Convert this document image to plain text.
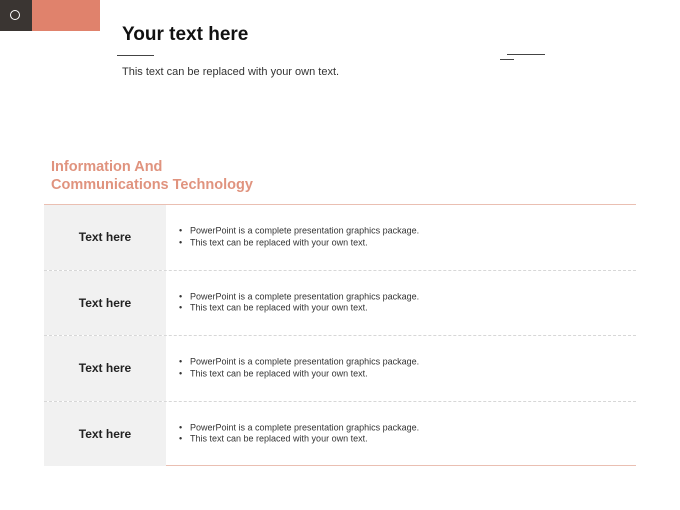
Your text here
This text can be replaced with your own text.
Information And
Communications Technology
Text here	• PowerPoint is a complete presentation graphics package.
• This text can be replaced with your own text.
Text here	• PowerPoint is a complete presentation graphics package.
• This text can be replaced with your own text.
Text here	• PowerPoint is a complete presentation graphics package.
• This text can be replaced with your own text.
Text here	• PowerPoint is a complete presentation graphics package.
• This text can be replaced with your own text.
